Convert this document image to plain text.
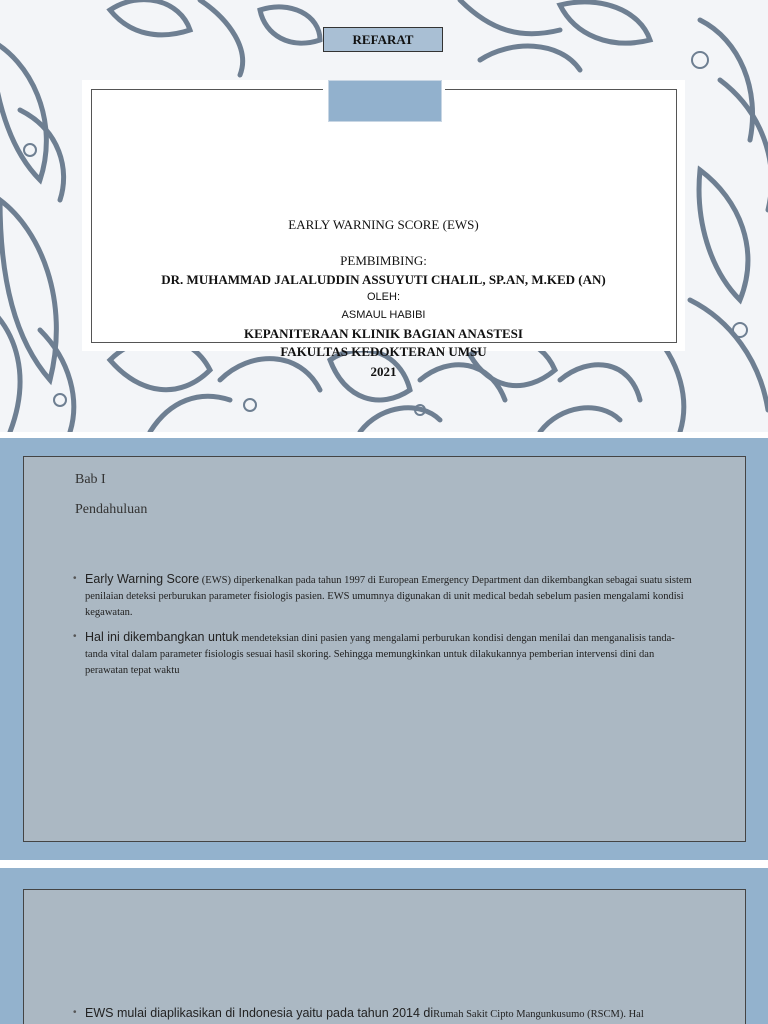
REFARAT
EARLY WARNING SCORE (EWS)
PEMBIMBING:
DR. MUHAMMAD JALALUDDIN ASSUYUTI CHALIL, SP.AN, M.KED (AN)
OLEH:
ASMAUL HABIBI
KEPANITERAAN KLINIK BAGIAN ANASTESI
FAKULTAS KEDOKTERAN UMSU
2021
Bab I
Pendahuluan
• Early Warning Score (EWS) diperkenalkan pada tahun 1997 di European Emergency Department dan dikembangkan sebagai suatu sistem penilaian deteksi perburukan parameter fisiologis pasien. EWS umumnya digunakan di unit medical bedah sebelum pasien mengalami kondisi kegawatan.
• Hal ini dikembangkan untuk mendeteksian dini pasien yang mengalami perburukan kondisi dengan menilai dan menganalisis tanda-tanda vital dalam parameter fisiologis sesuai hasil skoring. Sehingga memungkinkan untuk dilakukannya pemberian intervensi dini dan perawatan tepat waktu
• EWS mulai diaplikasikan di Indonesia yaitu pada tahun 2014 diRumah Sakit Cipto Mangunkusumo (RSCM). Hal
